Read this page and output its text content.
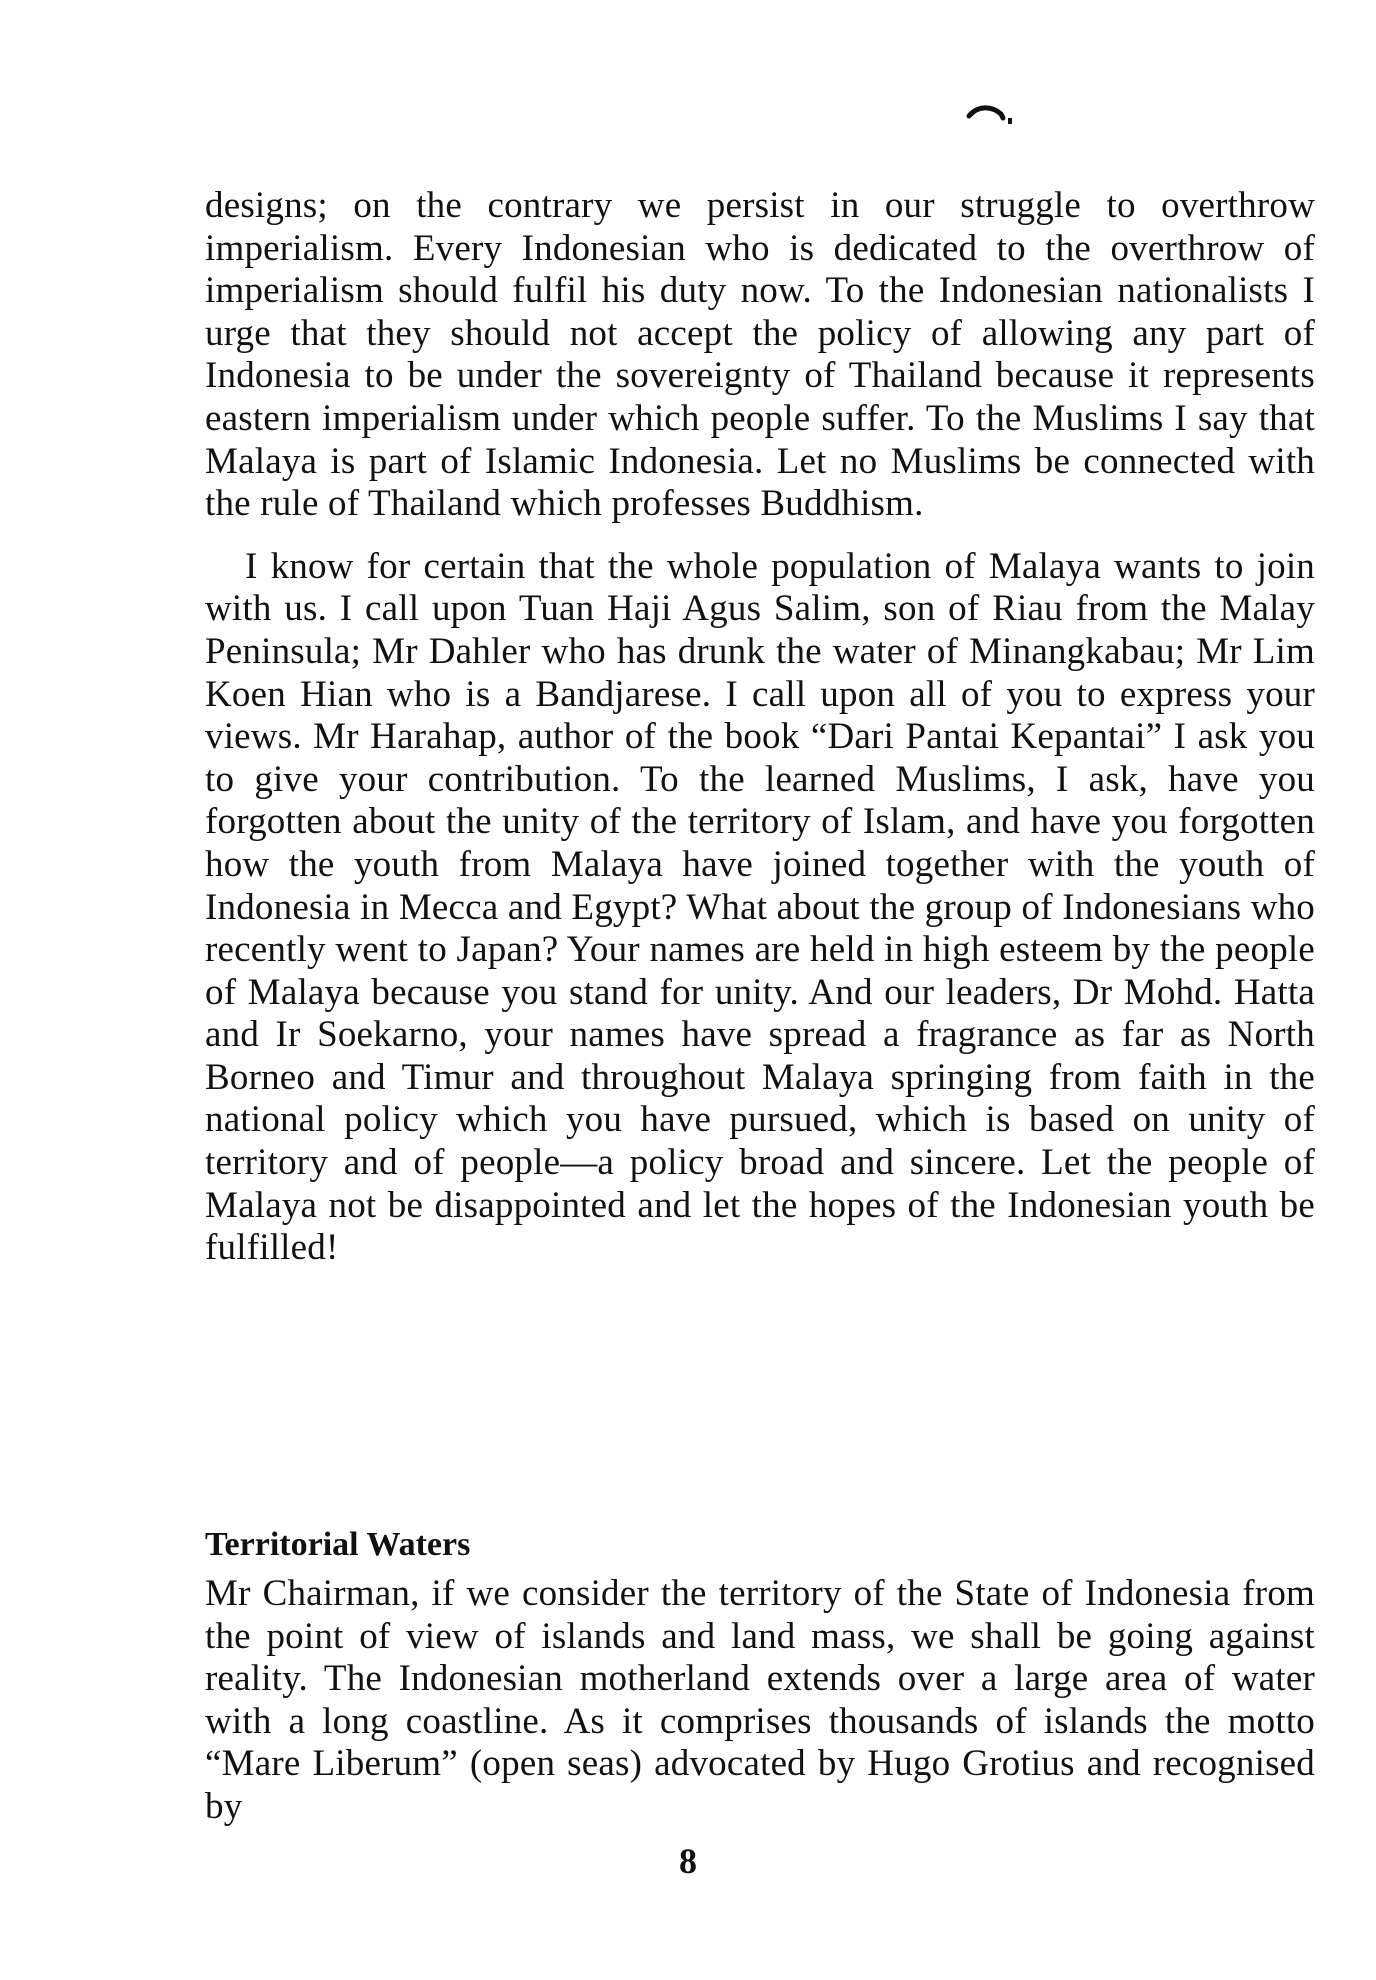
designs; on the contrary we persist in our struggle to overthrow imperialism. Every Indonesian who is dedicated to the overthrow of imperialism should fulfil his duty now. To the Indonesian nationalists I urge that they should not accept the policy of allowing any part of Indonesia to be under the sovereignty of Thailand because it represents eastern imperialism under which people suffer. To the Muslims I say that Malaya is part of Islamic Indonesia. Let no Muslims be connected with the rule of Thailand which professes Buddhism.

I know for certain that the whole population of Malaya wants to join with us. I call upon Tuan Haji Agus Salim, son of Riau from the Malay Peninsula; Mr Dahler who has drunk the water of Minangkabau; Mr Lim Koen Hian who is a Bandjarese. I call upon all of you to express your views. Mr Harahap, author of the book “Dari Pantai Kepantai” I ask you to give your contribution. To the learned Muslims, I ask, have you forgotten about the unity of the territory of Islam, and have you forgotten how the youth from Malaya have joined together with the youth of Indonesia in Mecca and Egypt? What about the group of Indonesians who recently went to Japan? Your names are held in high esteem by the people of Malaya because you stand for unity. And our leaders, Dr Mohd. Hatta and Ir Soekarno, your names have spread a fragrance as far as North Borneo and Timur and throughout Malaya springing from faith in the national policy which you have pursued, which is based on unity of territory and of people—a policy broad and sincere. Let the people of Malaya not be disappointed and let the hopes of the Indonesian youth be fulfilled!

Territorial Waters

Mr Chairman, if we consider the territory of the State of Indonesia from the point of view of islands and land mass, we shall be going against reality. The Indonesian motherland extends over a large area of water with a long coastline. As it comprises thousands of islands the motto “Mare Liberum” (open seas) advocated by Hugo Grotius and recognised by

8
